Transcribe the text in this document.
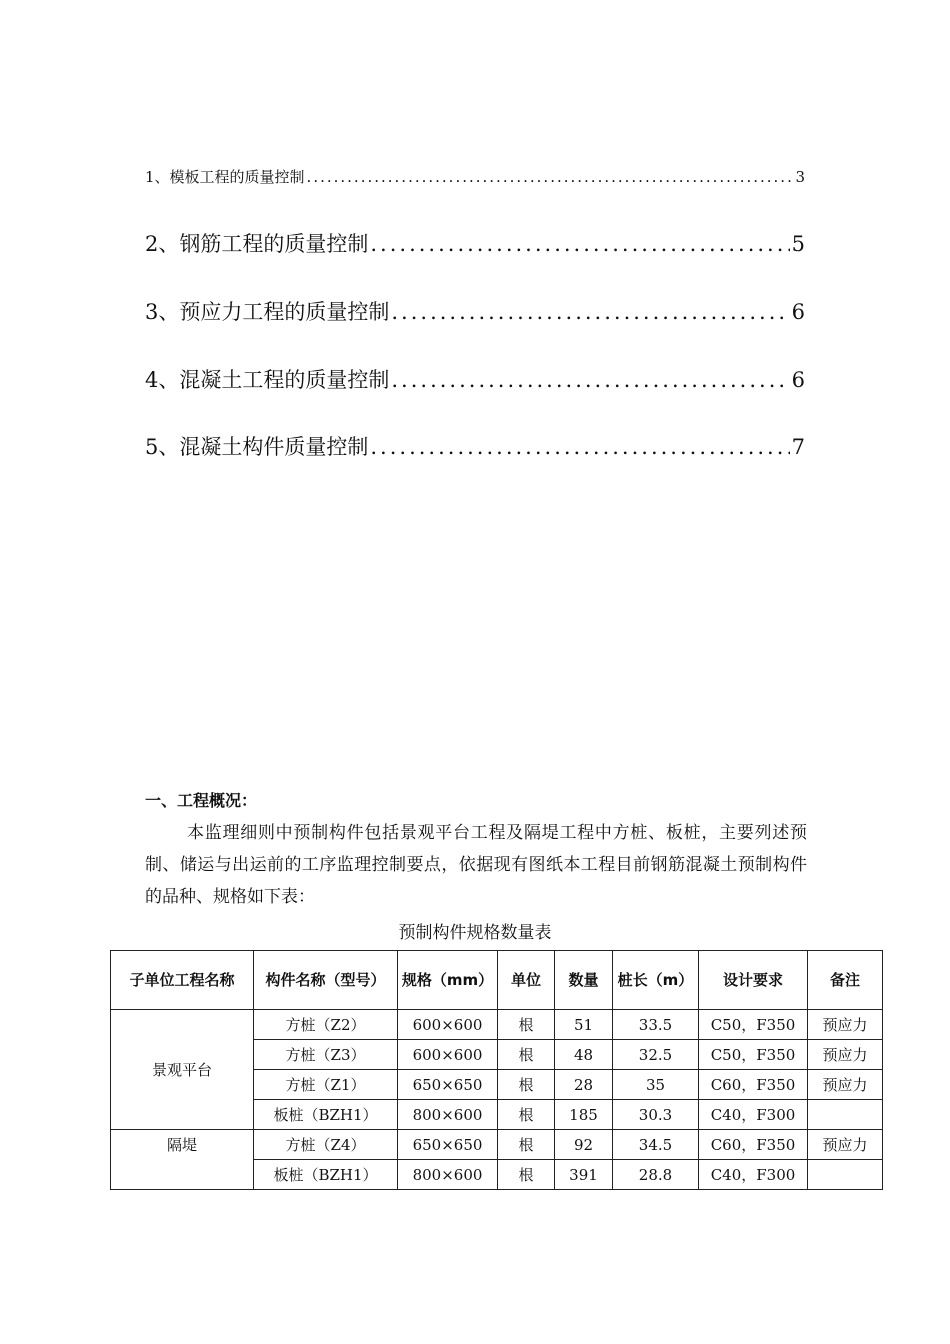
1、模板工程的质量控制 .....	3
2、钢筋工程的质量控制 .....	5
3、预应力工程的质量控制 .....	6
4、混凝土工程的质量控制 .....	6
5、混凝土构件质量控制 .....	7
一、工程概况：
本监理细则中预制构件包括景观平台工程及隔堤工程中方桩、板桩，主要列述预制、储运与出运前的工序监理控制要点，依据现有图纸本工程目前钢筋混凝土预制构件的品种、规格如下表：
预制构件规格数量表
子单位工程名称	构件名称（型号）	规格（mm）	单位	数量	桩长（m）	设计要求	备注
景观平台	方桩（Z2）	600×600	根	51	33.5	C50，F350	预应力
	方桩（Z3）	600×600	根	48	32.5	C50，F350	预应力
	方桩（Z1）	650×650	根	28	35	C60，F350	预应力
	板桩（BZH1）	800×600	根	185	30.3	C40，F300	
隔堤	方桩（Z4）	650×650	根	92	34.5	C60，F350	预应力
	板桩（BZH1）	800×600	根	391	28.8	C40，F300	
